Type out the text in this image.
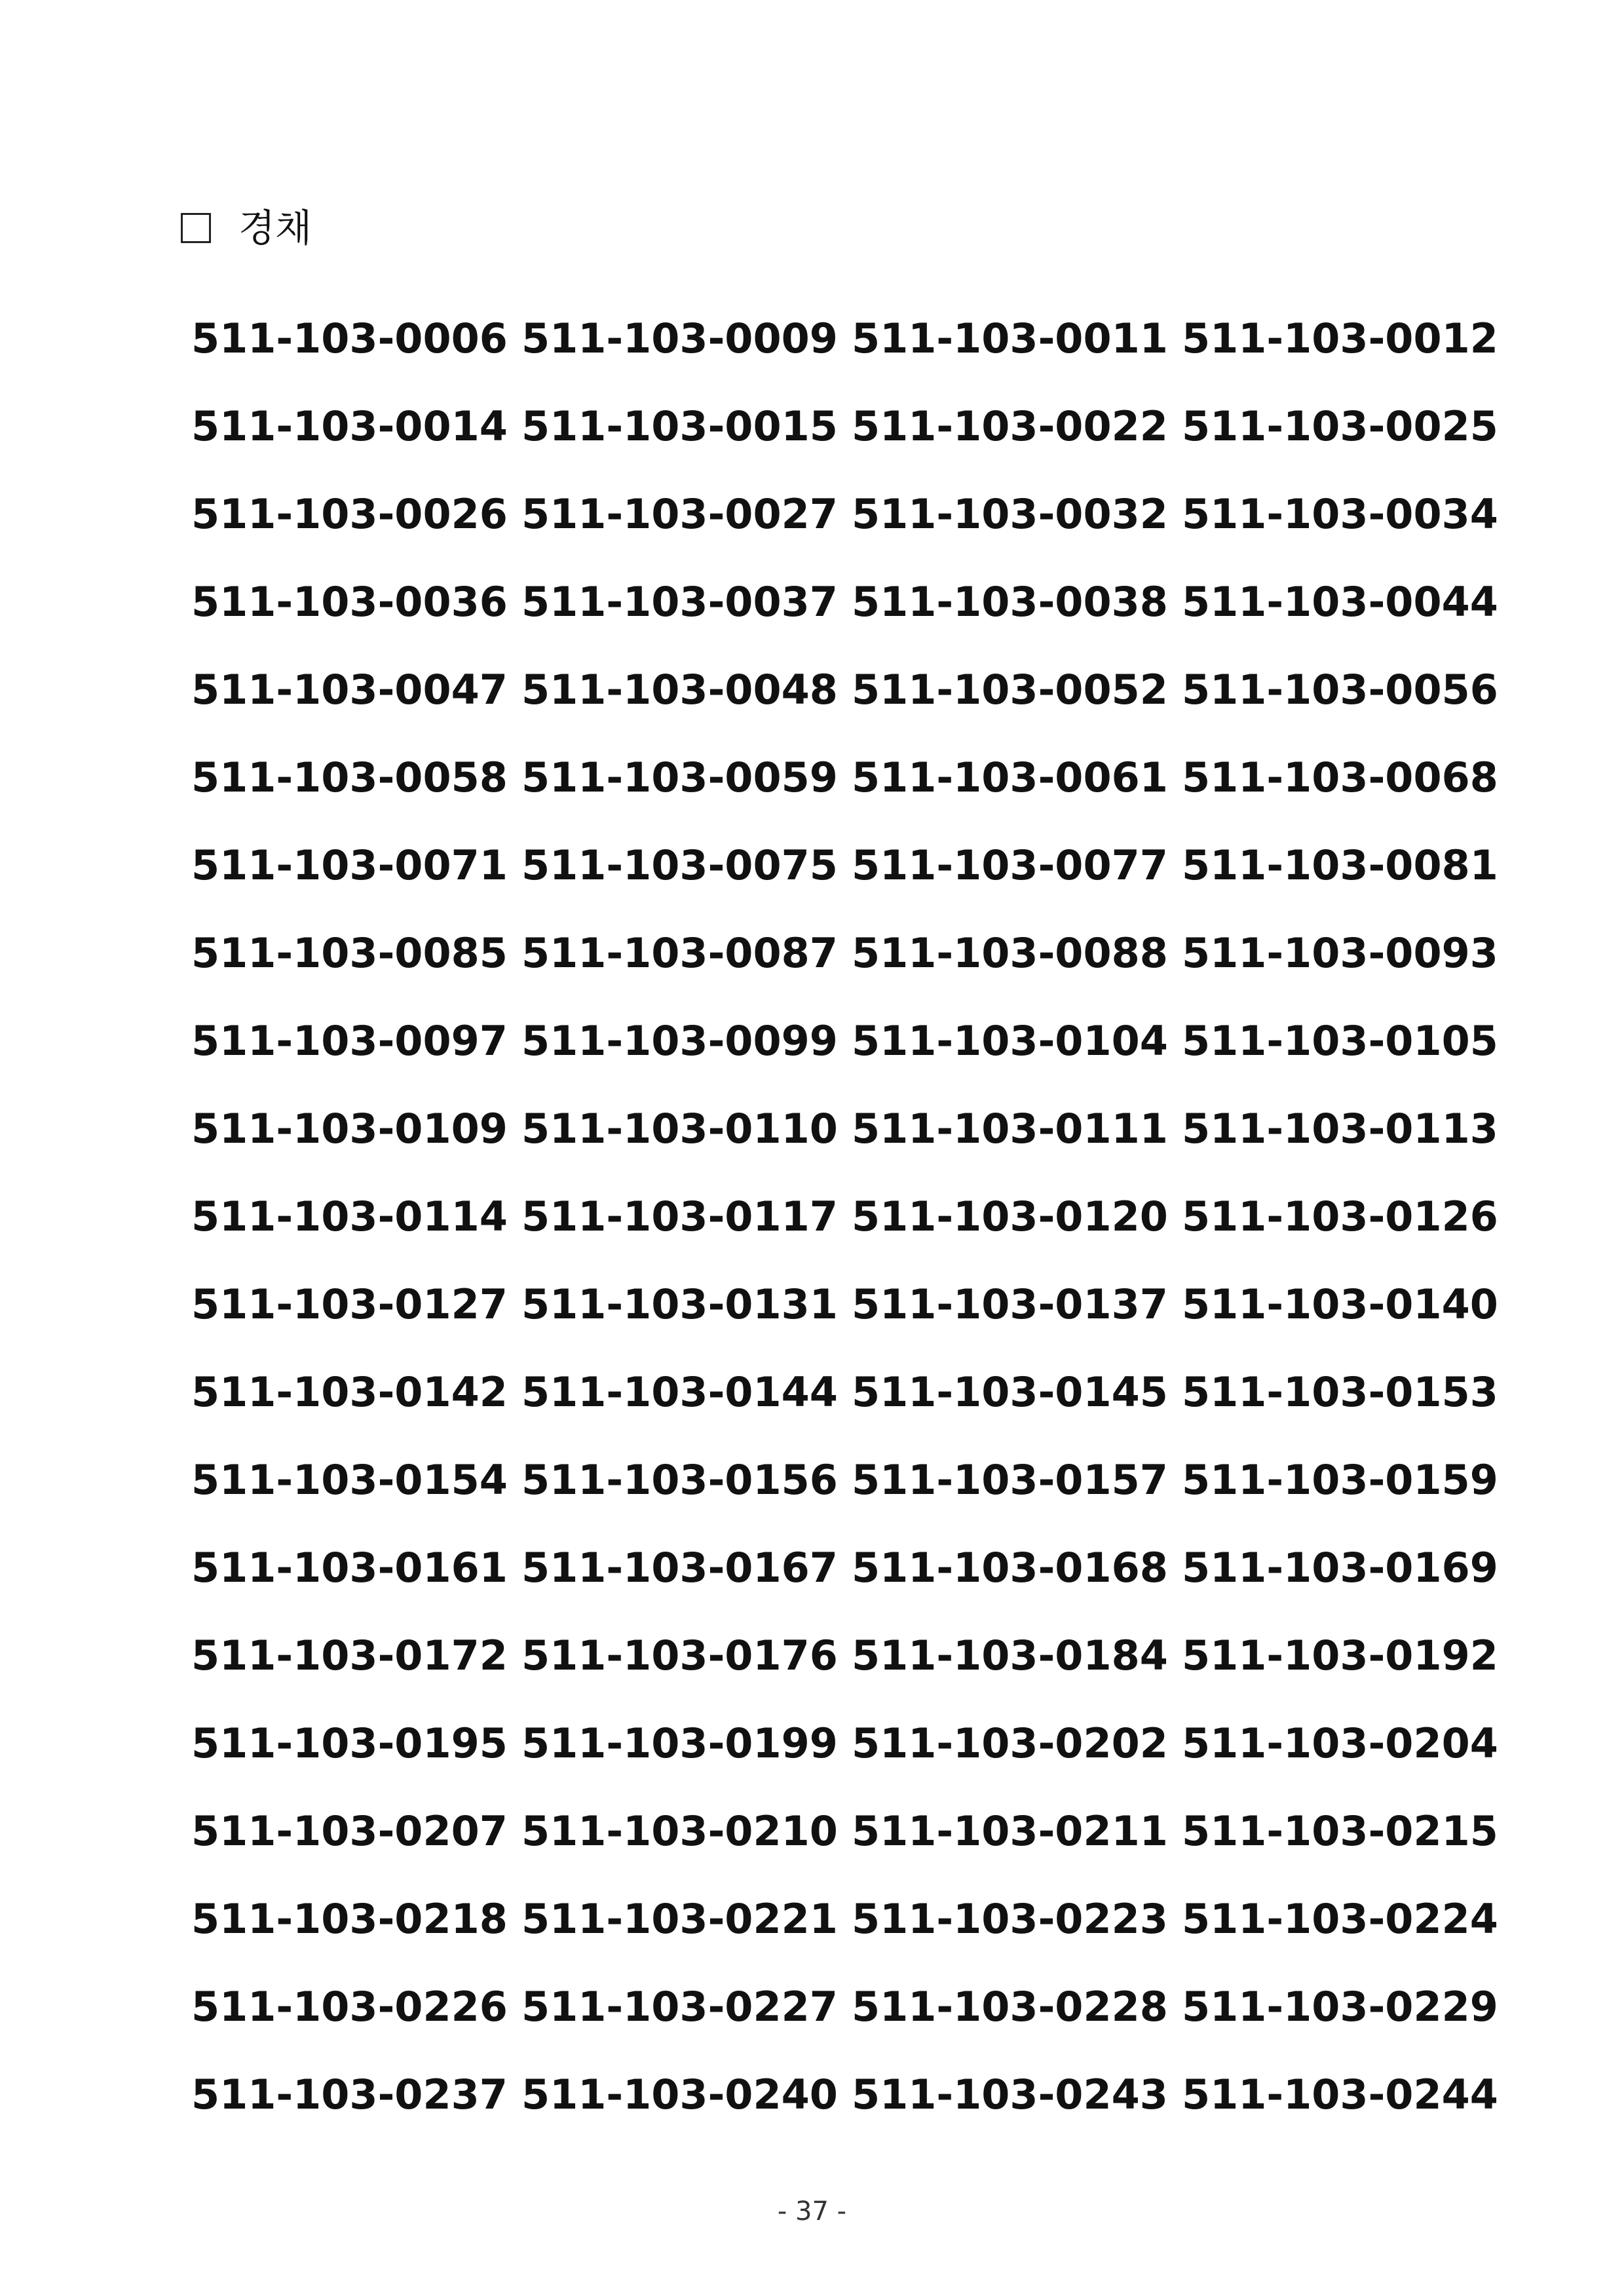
경채
511-103-0006 511-103-0009 511-103-0011 511-103-0012
511-103-0014 511-103-0015 511-103-0022 511-103-0025
511-103-0026 511-103-0027 511-103-0032 511-103-0034
511-103-0036 511-103-0037 511-103-0038 511-103-0044
511-103-0047 511-103-0048 511-103-0052 511-103-0056
511-103-0058 511-103-0059 511-103-0061 511-103-0068
511-103-0071 511-103-0075 511-103-0077 511-103-0081
511-103-0085 511-103-0087 511-103-0088 511-103-0093
511-103-0097 511-103-0099 511-103-0104 511-103-0105
511-103-0109 511-103-0110 511-103-0111 511-103-0113
511-103-0114 511-103-0117 511-103-0120 511-103-0126
511-103-0127 511-103-0131 511-103-0137 511-103-0140
511-103-0142 511-103-0144 511-103-0145 511-103-0153
511-103-0154 511-103-0156 511-103-0157 511-103-0159
511-103-0161 511-103-0167 511-103-0168 511-103-0169
511-103-0172 511-103-0176 511-103-0184 511-103-0192
511-103-0195 511-103-0199 511-103-0202 511-103-0204
511-103-0207 511-103-0210 511-103-0211 511-103-0215
511-103-0218 511-103-0221 511-103-0223 511-103-0224
511-103-0226 511-103-0227 511-103-0228 511-103-0229
511-103-0237 511-103-0240 511-103-0243 511-103-0244
- 37 -
